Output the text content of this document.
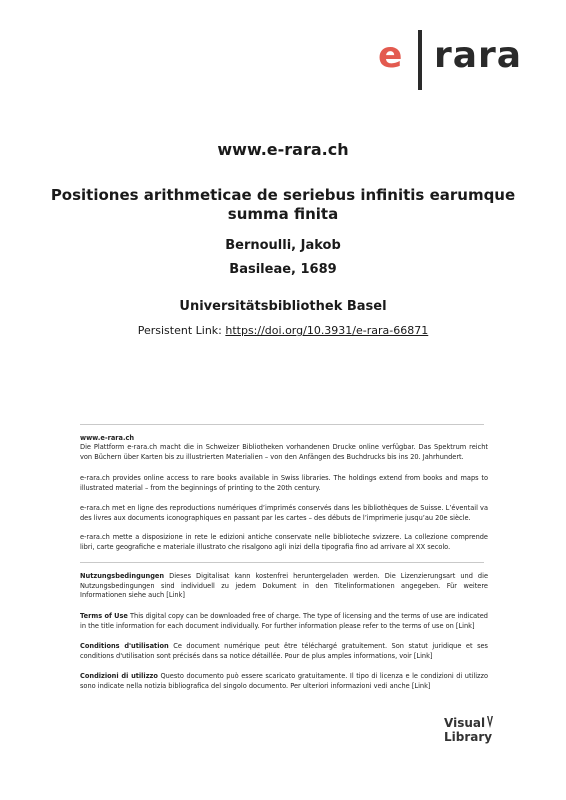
e rara
www.e-rara.ch
Positiones arithmeticae de seriebus infinitis earumque summa finita
Bernoulli, Jakob
Basileae, 1689
Universitätsbibliothek Basel
Persistent Link: https://doi.org/10.3931/e-rara-66871
www.e-rara.ch
Die Plattform e-rara.ch macht die in Schweizer Bibliotheken vorhandenen Drucke online verfügbar. Das Spektrum reicht von Büchern über Karten bis zu illustrierten Materialien – von den Anfängen des Buchdrucks bis ins 20. Jahrhundert.
e-rara.ch provides online access to rare books available in Swiss libraries. The holdings extend from books and maps to illustrated material – from the beginnings of printing to the 20th century.
e-rara.ch met en ligne des reproductions numériques d’imprimés conservés dans les bibliothèques de Suisse. L’éventail va des livres aux documents iconographiques en passant par les cartes – des débuts de l’imprimerie jusqu’au 20e siècle.
e-rara.ch mette a disposizione in rete le edizioni antiche conservate nelle biblioteche svizzere. La collezione comprende libri, carte geografiche e materiale illustrato che risalgono agli inizi della tipografia fino ad arrivare al XX secolo.
Nutzungsbedingungen Dieses Digitalisat kann kostenfrei heruntergeladen werden. Die Lizenzierungsart und die Nutzungsbedingungen sind individuell zu jedem Dokument in den Titelinformationen angegeben. Für weitere Informationen siehe auch [Link]
Terms of Use This digital copy can be downloaded free of charge. The type of licensing and the terms of use are indicated in the title information for each document individually. For further information please refer to the terms of use on [Link]
Conditions d'utilisation Ce document numérique peut être téléchargé gratuitement. Son statut juridique et ses conditions d'utilisation sont précisés dans sa notice détaillée. Pour de plus amples informations, voir [Link]
Condizioni di utilizzo Questo documento può essere scaricato gratuitamente. Il tipo di licenza e le condizioni di utilizzo sono indicate nella notizia bibliografica del singolo documento. Per ulteriori informazioni vedi anche [Link]
VisualLibrary
